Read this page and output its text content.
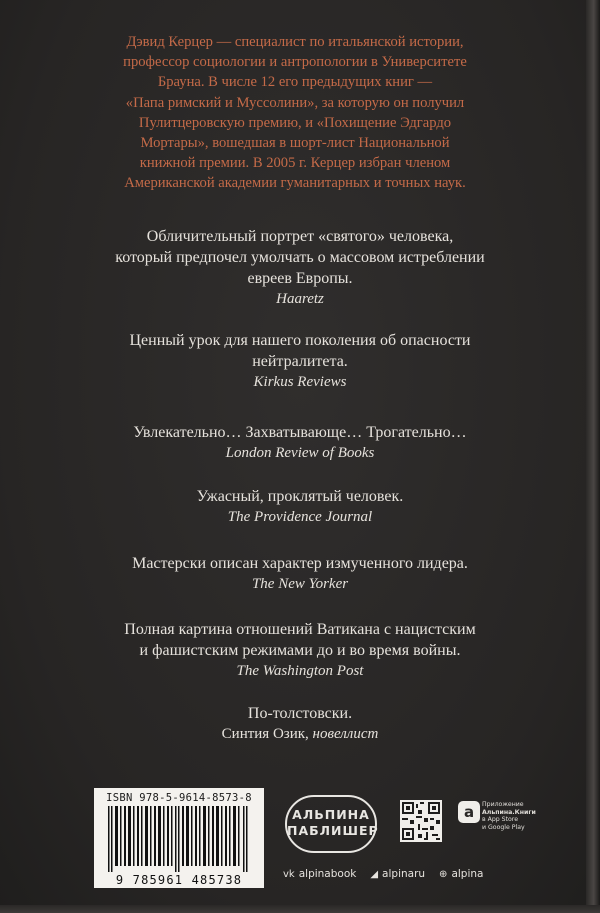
Дэвид Керцер — специалист по итальянской истории,
профессор социологии и антропологии в Университете
Брауна. В числе 12 его предыдущих книг —
«Папа римский и Муссолини», за которую он получил
Пулитцеровскую премию, и «Похищение Эдгардо
Мортары», вошедшая в шорт-лист Национальной
книжной премии. В 2005 г. Керцер избран членом
Американской академии гуманитарных и точных наук.
Обличительный портрет «святого» человека,
который предпочел умолчать о массовом истреблении
евреев Европы.
Haaretz
Ценный урок для нашего поколения об опасности
нейтралитета.
Kirkus Reviews
Увлекательно… Захватывающе… Трогательно…
London Review of Books
Ужасный, проклятый человек.
The Providence Journal
Мастерски описан характер измученного лидера.
The New Yorker
Полная картина отношений Ватикана с нацистским
и фашистским режимами до и во время войны.
The Washington Post
По-толстовски.
Синтия Озик, новеллист
ISBN 978-5-9614-8573-8
9 785961 485738
АЛЬПИНА
ПАБЛИШЕР
a	Приложение
Альпина.Книги
в App Store
и Google Play
vk alpinabook ◢ alpinaru ⊕ alpina
